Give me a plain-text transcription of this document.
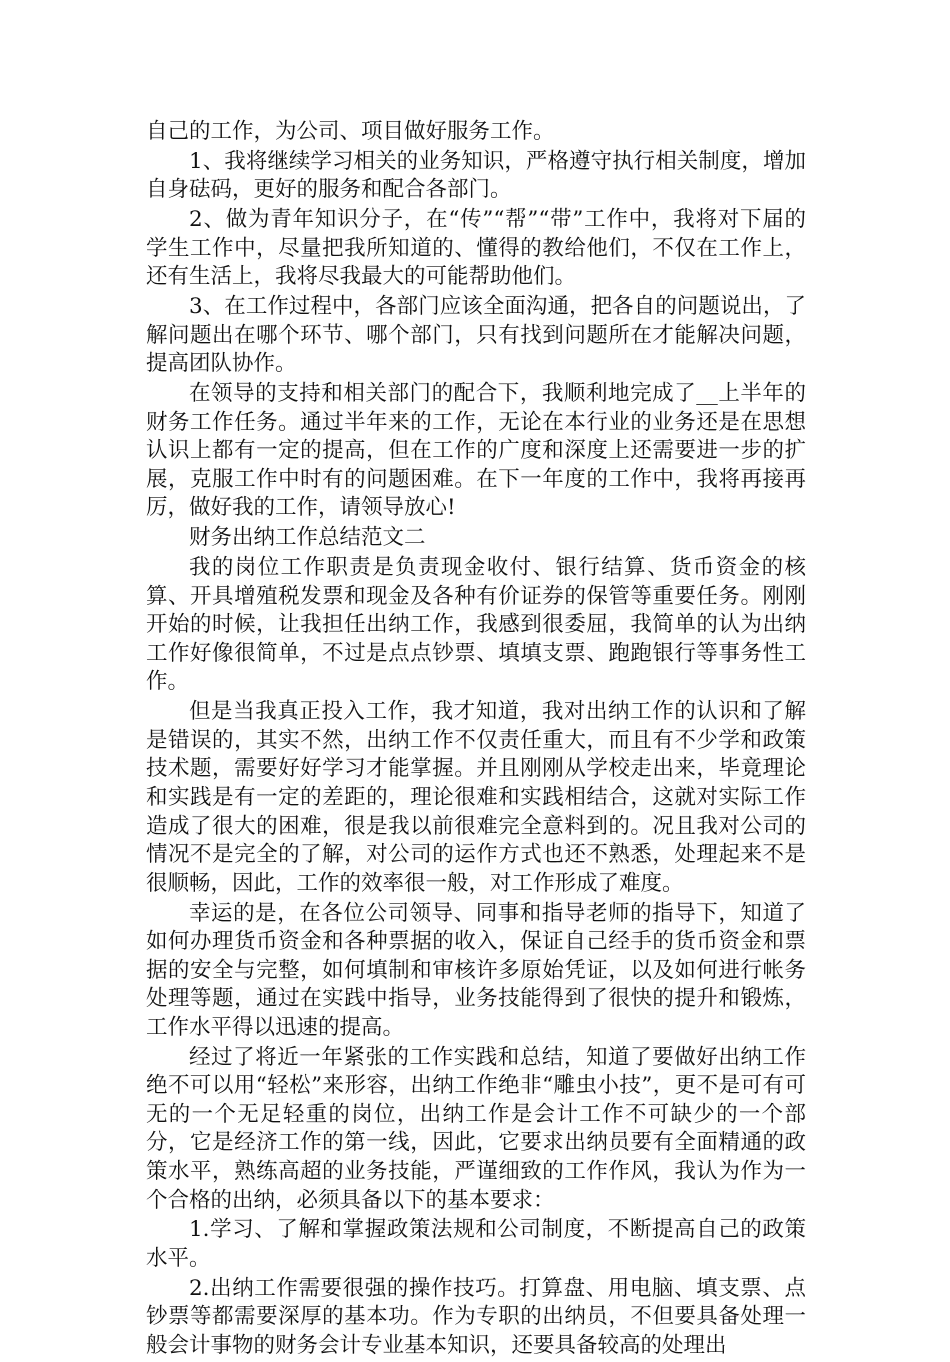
自己的工作，为公司、项目做好服务工作。

1、我将继续学习相关的业务知识，严格遵守执行相关制度，增加自身砝码，更好的服务和配合各部门。

2、做为青年知识分子，在“传”“帮”“带”工作中，我将对下届的学生工作中，尽量把我所知道的、懂得的教给他们，不仅在工作上，还有生活上，我将尽我最大的可能帮助他们。

3、在工作过程中，各部门应该全面沟通，把各自的问题说出，了解问题出在哪个环节、哪个部门，只有找到问题所在才能解决问题，提高团队协作。

在领导的支持和相关部门的配合下，我顺利地完成了__上半年的财务工作任务。通过半年来的工作，无论在本行业的业务还是在思想认识上都有一定的提高，但在工作的广度和深度上还需要进一步的扩展，克服工作中时有的问题困难。在下一年度的工作中，我将再接再厉，做好我的工作，请领导放心!

财务出纳工作总结范文二

我的岗位工作职责是负责现金收付、银行结算、货币资金的核算、开具增殖税发票和现金及各种有价证券的保管等重要任务。刚刚开始的时候，让我担任出纳工作，我感到很委屈，我简单的认为出纳工作好像很简单，不过是点点钞票、填填支票、跑跑银行等事务性工作。

但是当我真正投入工作，我才知道，我对出纳工作的认识和了解是错误的，其实不然，出纳工作不仅责任重大，而且有不少学和政策技术题，需要好好学习才能掌握。并且刚刚从学校走出来，毕竟理论和实践是有一定的差距的，理论很难和实践相结合，这就对实际工作造成了很大的困难，很是我以前很难完全意料到的。况且我对公司的情况不是完全的了解，对公司的运作方式也还不熟悉，处理起来不是很顺畅，因此，工作的效率很一般，对工作形成了难度。

幸运的是，在各位公司领导、同事和指导老师的指导下，知道了如何办理货币资金和各种票据的收入，保证自己经手的货币资金和票据的安全与完整，如何填制和审核许多原始凭证，以及如何进行帐务处理等题，通过在实践中指导，业务技能得到了很快的提升和锻炼，工作水平得以迅速的提高。

经过了将近一年紧张的工作实践和总结，知道了要做好出纳工作绝不可以用“轻松”来形容，出纳工作绝非“雕虫小技”，更不是可有可无的一个无足轻重的岗位，出纳工作是会计工作不可缺少的一个部分，它是经济工作的第一线，因此，它要求出纳员要有全面精通的政策水平，熟练高超的业务技能，严谨细致的工作作风，我认为作为一个合格的出纳，必须具备以下的基本要求：

1.学习、了解和掌握政策法规和公司制度，不断提高自己的政策水平。

2.出纳工作需要很强的操作技巧。打算盘、用电脑、填支票、点钞票等都需要深厚的基本功。作为专职的出纳员，不但要具备处理一般会计事物的财务会计专业基本知识，还要具备较高的处理出
